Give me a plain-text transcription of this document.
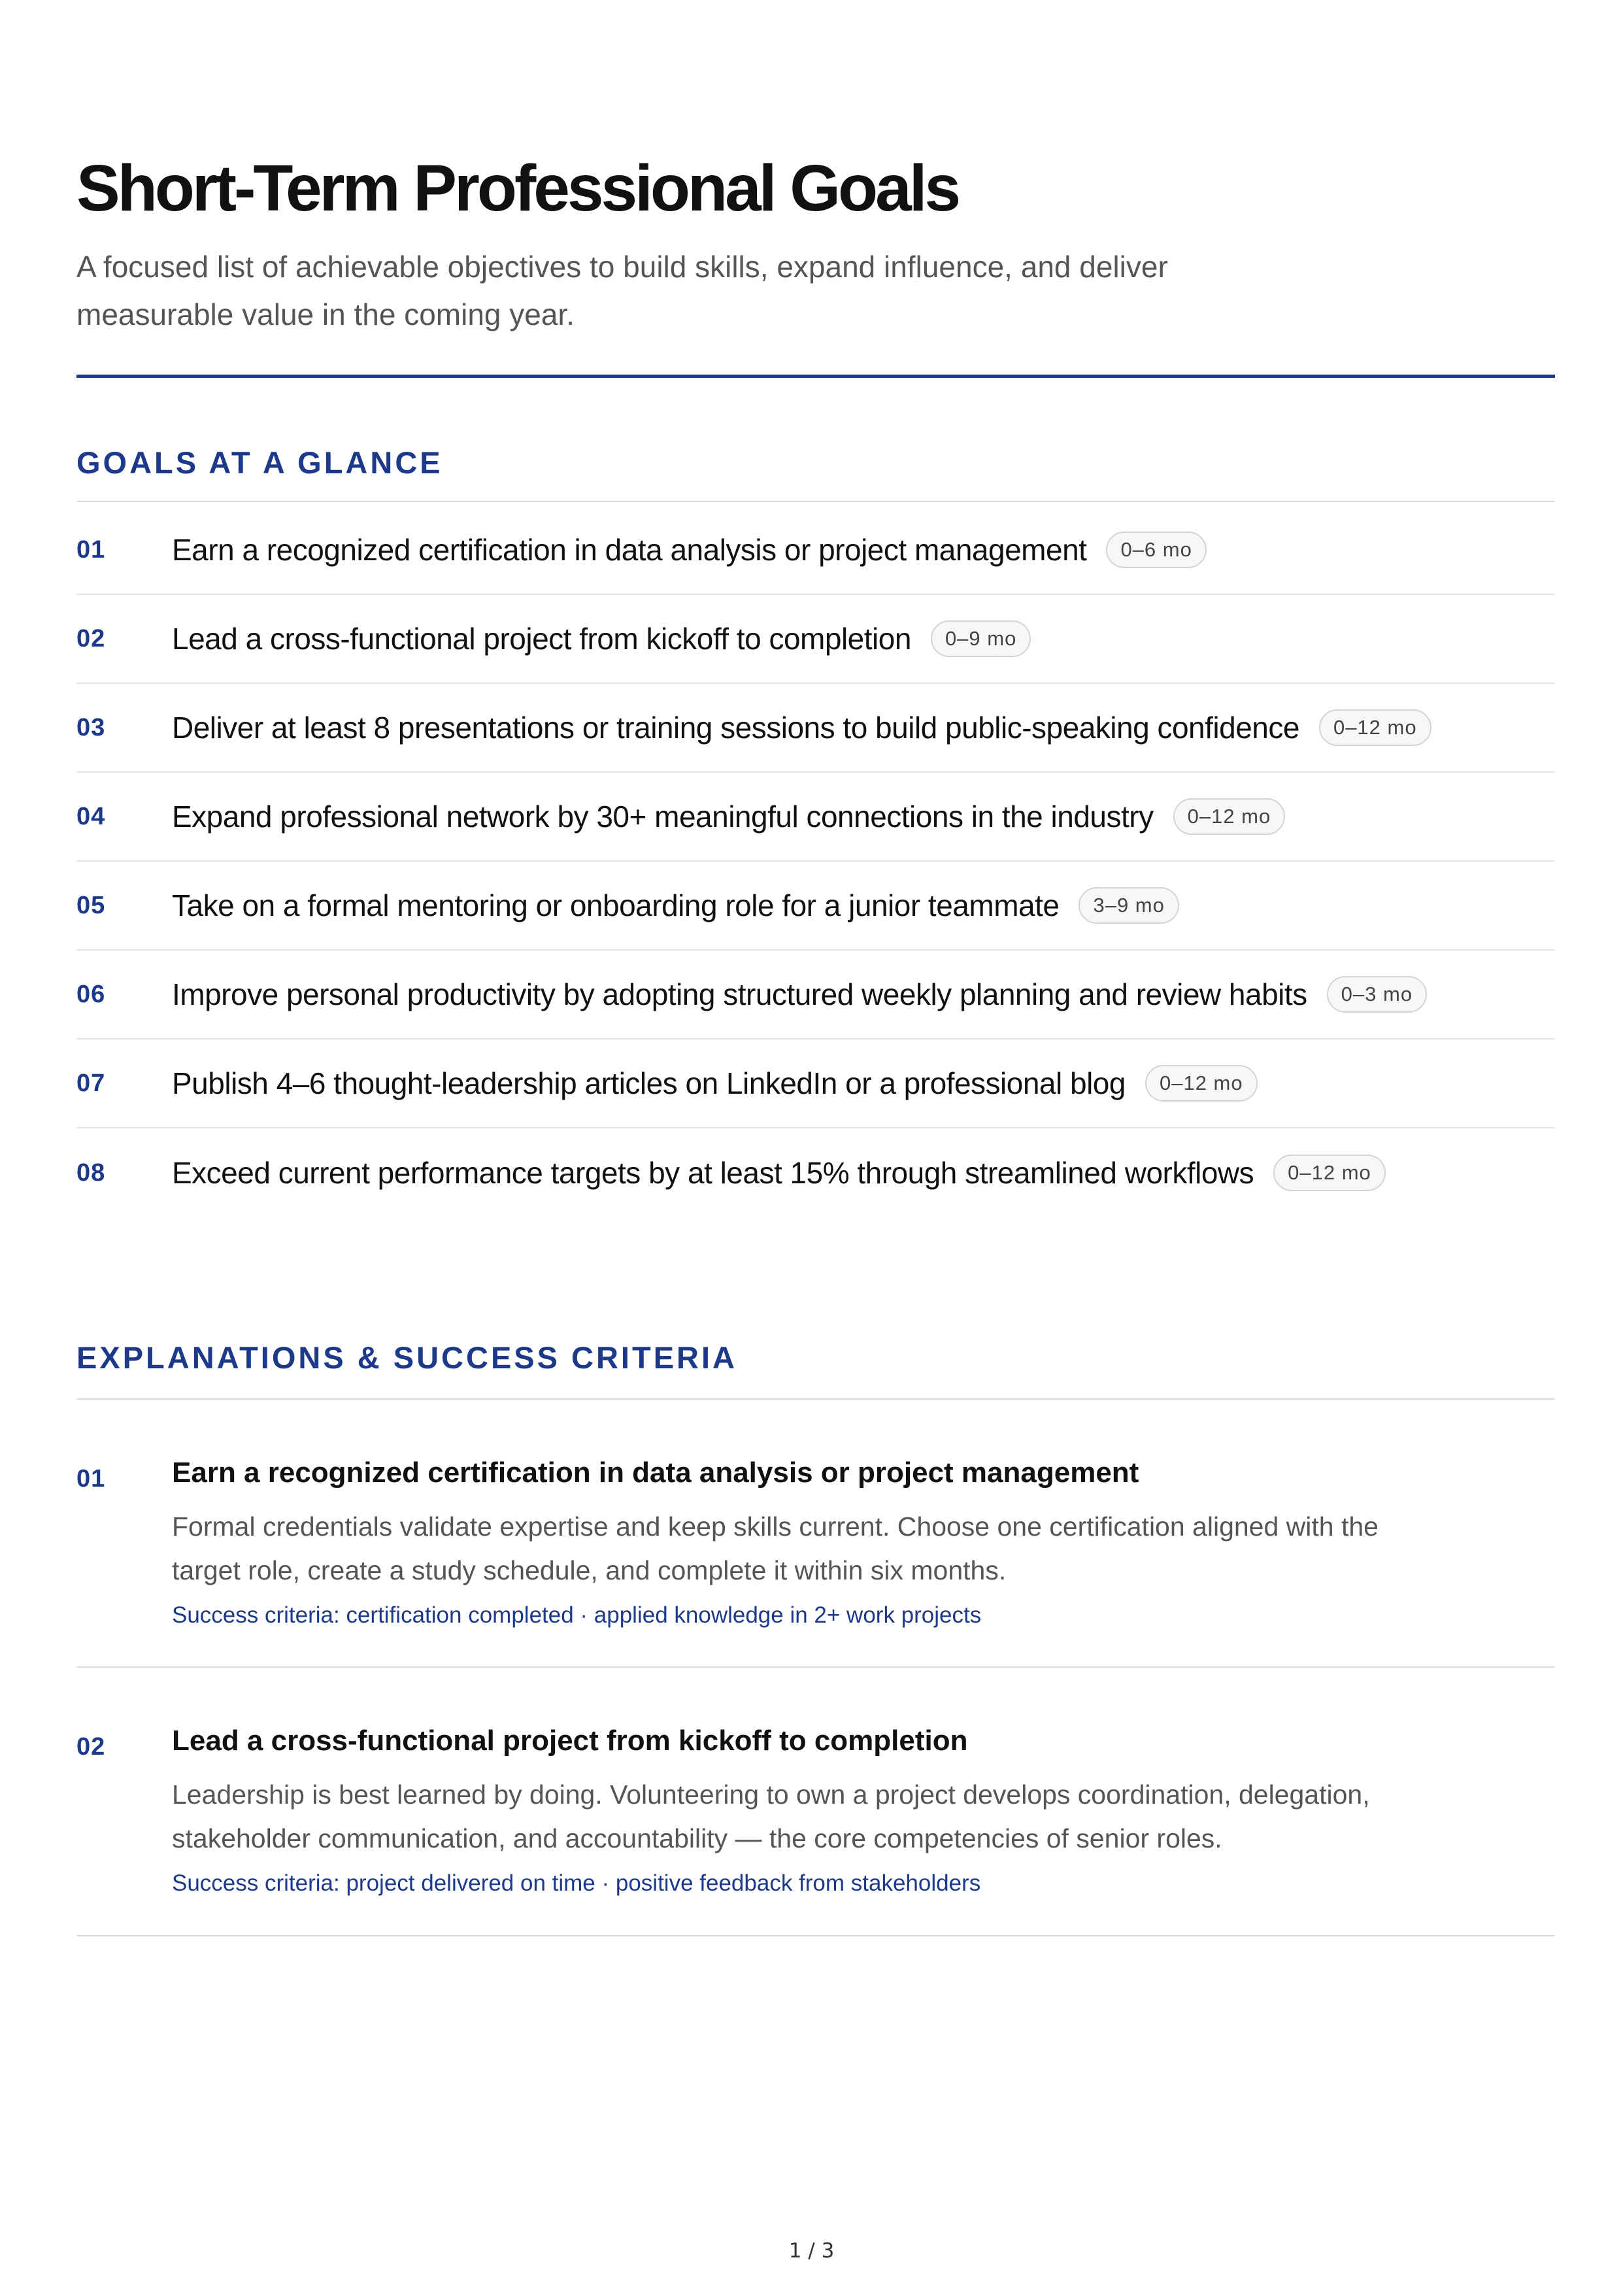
Short-Term Professional Goals

A focused list of achievable objectives to build skills, expand influence, and deliver measurable value in the coming year.

GOALS AT A GLANCE
01	Earn a recognized certification in data analysis or project management	0–6 mo
02	Lead a cross-functional project from kickoff to completion	0–9 mo
03	Deliver at least 8 presentations or training sessions to build public-speaking confidence	0–12 mo
04	Expand professional network by 30+ meaningful connections in the industry	0–12 mo
05	Take on a formal mentoring or onboarding role for a junior teammate	3–9 mo
06	Improve personal productivity by adopting structured weekly planning and review habits	0–3 mo
07	Publish 4–6 thought-leadership articles on LinkedIn or a professional blog	0–12 mo
08	Exceed current performance targets by at least 15% through streamlined workflows	0–12 mo
EXPLANATIONS & SUCCESS CRITERIA
01	Earn a recognized certification in data analysis or project management

Formal credentials validate expertise and keep skills current. Choose one certification aligned with the target role, create a study schedule, and complete it within six months.

Success criteria: certification completed · applied knowledge in 2+ work projects
02	Lead a cross-functional project from kickoff to completion

Leadership is best learned by doing. Volunteering to own a project develops coordination, delegation, stakeholder communication, and accountability — the core competencies of senior roles.

Success criteria: project delivered on time · positive feedback from stakeholders
1 / 3
